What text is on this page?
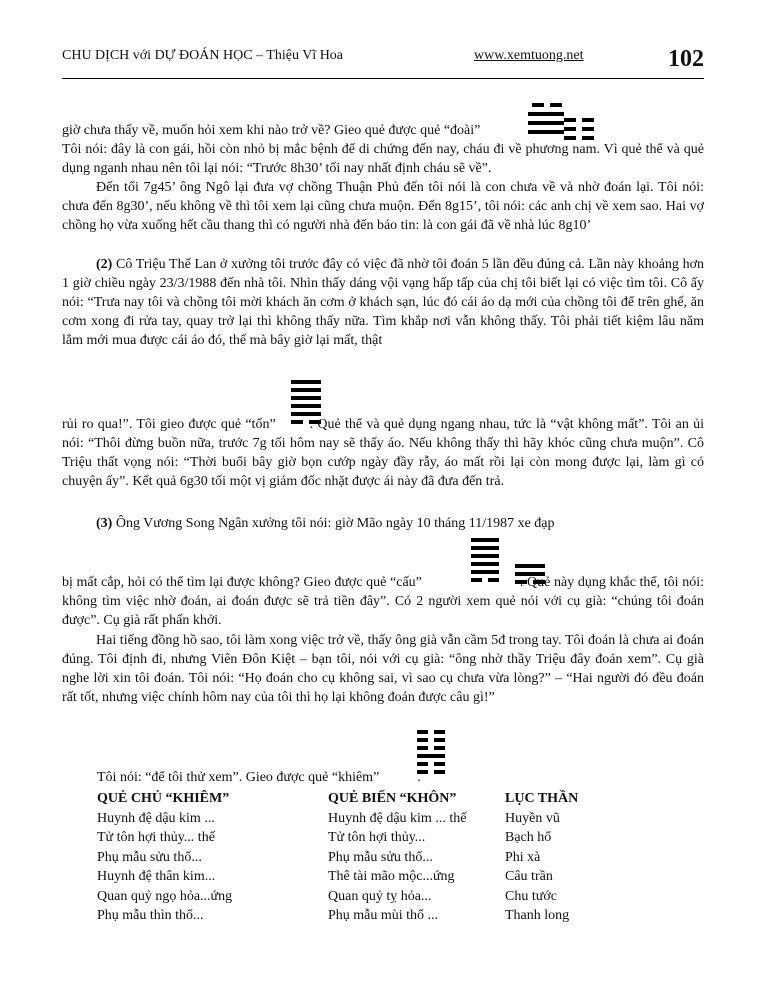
CHU DỊCH với DỰ ĐOÁN HỌC – Thiệu Vĩ Hoa	www.xemtuong.net	102

giờ chưa thấy về, muốn hỏi xem khi nào trở về? Gieo quẻ được quẻ “đoài”

Tôi nói: đây là con gái, hồi còn nhỏ bị mắc bệnh để di chứng đến nay, cháu đi về phương nam. Vì quẻ thể và quẻ dụng nganh nhau nên tôi lại nói: “Trước 8h30’ tối nay nhất định cháu sẽ về”.

Đến tối 7g45’ ông Ngô lại đưa vợ chồng Thuận Phủ đến tôi nói là con chưa về và nhờ đoán lại. Tôi nói: chưa đến 8g30’, nếu không về thì tôi xem lại cũng chưa muộn. Đến 8g15’, tôi nói: các anh chị về xem sao. Hai vợ chồng họ vừa xuống hết cầu thang thì có người nhà đến báo tin: là con gái đã về nhà lúc 8g10’

(2) Cô Triệu Thế Lan ở xưởng tôi trước đây có việc đã nhờ tôi đoán 5 lần đều đúng cả. Lần này khoảng hơn 1 giờ chiều ngày 23/3/1988 đến nhà tôi. Nhìn thấy dáng vội vạng hấp tấp của chị tôi biết lại có việc tìm tôi. Cô ấy nói: “Trưa nay tôi và chồng tôi mời khách ăn cơm ở khách sạn, lúc đó cái áo dạ mới của chồng tôi để trên ghế, ăn cơm xong đi rửa tay, quay trở lại thì không thấy nữa. Tìm khắp nơi vẫn không thấy. Tôi phải tiết kiệm lâu năm lắm mới mua được cái áo đó, thế mà bây giờ lại mất, thật

rủi ro qua!”. Tôi gieo được quẻ “tốn” . Quẻ thể và quẻ dụng ngang nhau, tức là “vật không mất”. Tôi an ủi nói: “Thôi đừng buồn nữa, trước 7g tối hôm nay sẽ thấy áo. Nếu không thấy thì hãy khóc cũng chưa muộn”. Cô Triệu thất vọng nói: “Thời buổi bây giờ bọn cướp ngày đầy rẫy, áo mất rồi lại còn mong được lại, làm gì có chuyện ấy”. Kết quả 6g30 tối một vị giám đốc nhặt được ái này đã đưa đến trả.

(3) Ông Vương Song Ngân xưởng tôi nói: giờ Mão ngày 10 tháng 11/1987 xe đạp

bị mất cắp, hỏi có thể tìm lại được không? Gieo được quẻ “cấu”	. Quẻ này dụng khắc thể, tôi nói: không tìm việc nhờ đoán, ai đoán được sẽ trả tiền đây”. Có 2 người xem quẻ nói với cụ già: “chúng tôi đoán được”. Cụ già rất phấn khởi.

Hai tiếng đồng hồ sao, tôi làm xong việc trở về, thấy ông già vẫn cầm 5đ trong tay. Tôi đoán là chưa ai đoán đúng. Tôi định đi, nhưng Viên Đôn Kiệt – bạn tôi, nói với cụ già: “ông nhờ thầy Triệu đây đoán xem”. Cụ già nghe lời xin tôi đoán. Tôi nói: “Họ đoán cho cụ không sai, vì sao cụ chưa vừa lòng?” – “Hai người đó đều đoán rất tốt, nhưng việc chính hôm nay của tôi thì họ lại không đoán được câu gì!”

Tôi nói: “để tôi thử xem”. Gieo được quẻ “khiêm”	.

QUẺ CHỦ “KHIÊM”	QUẺ BIẾN “KHÔN”	LỤC THẦN
Huynh đệ dậu kim ...	Huynh đệ dậu kim ... thế	Huyền vũ
Tử tôn hợi thủy... thế	Tử tôn hợi thủy...	Bạch hổ
Phụ mẫu sửu thổ...	Phụ mẫu sửu thổ...	Phi xà
Huynh đệ thân kim...	Thê tài mão mộc...ứng	Câu trần
Quan quỷ ngọ hỏa...ứng	Quan quỷ tỵ hỏa...	Chu tước
Phụ mẫu thìn thổ...	Phụ mẫu mùi thổ ...	Thanh long
